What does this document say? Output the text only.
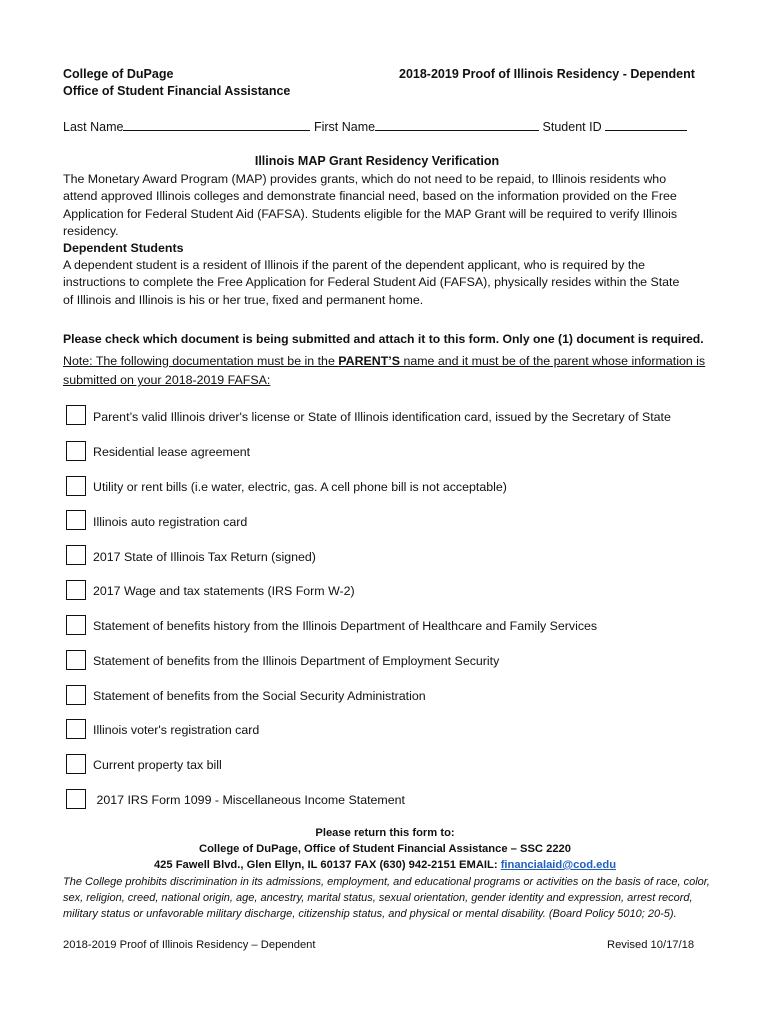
College of DuPage
Office of Student Financial Assistance
2018-2019 Proof of Illinois Residency - Dependent
Last Name	First Name	Student ID
Illinois MAP Grant Residency Verification
The Monetary Award Program (MAP) provides grants, which do not need to be repaid, to Illinois residents who attend approved Illinois colleges and demonstrate financial need, based on the information provided on the Free Application for Federal Student Aid (FAFSA). Students eligible for the MAP Grant will be required to verify Illinois residency.
Dependent Students
A dependent student is a resident of Illinois if the parent of the dependent applicant, who is required by the instructions to complete the Free Application for Federal Student Aid (FAFSA), physically resides within the State of Illinois and Illinois is his or her true, fixed and permanent home.
Please check which document is being submitted and attach it to this form. Only one (1) document is required.
Note: The following documentation must be in the PARENT’S name and it must be of the parent whose information is submitted on your 2018-2019 FAFSA:
Parent’s valid Illinois driver's license or State of Illinois identification card, issued by the Secretary of State
Residential lease agreement
Utility or rent bills (i.e water, electric, gas. A cell phone bill is not acceptable)
Illinois auto registration card
2017 State of Illinois Tax Return (signed)
2017 Wage and tax statements (IRS Form W-2)
Statement of benefits history from the Illinois Department of Healthcare and Family Services
Statement of benefits from the Illinois Department of Employment Security
Statement of benefits from the Social Security Administration
Illinois voter's registration card
Current property tax bill
2017 IRS Form 1099 - Miscellaneous Income Statement
Please return this form to:
College of DuPage, Office of Student Financial Assistance – SSC 2220
425 Fawell Blvd., Glen Ellyn, IL 60137 FAX (630) 942-2151 EMAIL: financialaid@cod.edu
The College prohibits discrimination in its admissions, employment, and educational programs or activities on the basis of race, color, sex, religion, creed, national origin, age, ancestry, marital status, sexual orientation, gender identity and expression, arrest record, military status or unfavorable military discharge, citizenship status, and physical or mental disability. (Board Policy 5010; 20-5).
2018-2019 Proof of Illinois Residency – Dependent	Revised 10/17/18
